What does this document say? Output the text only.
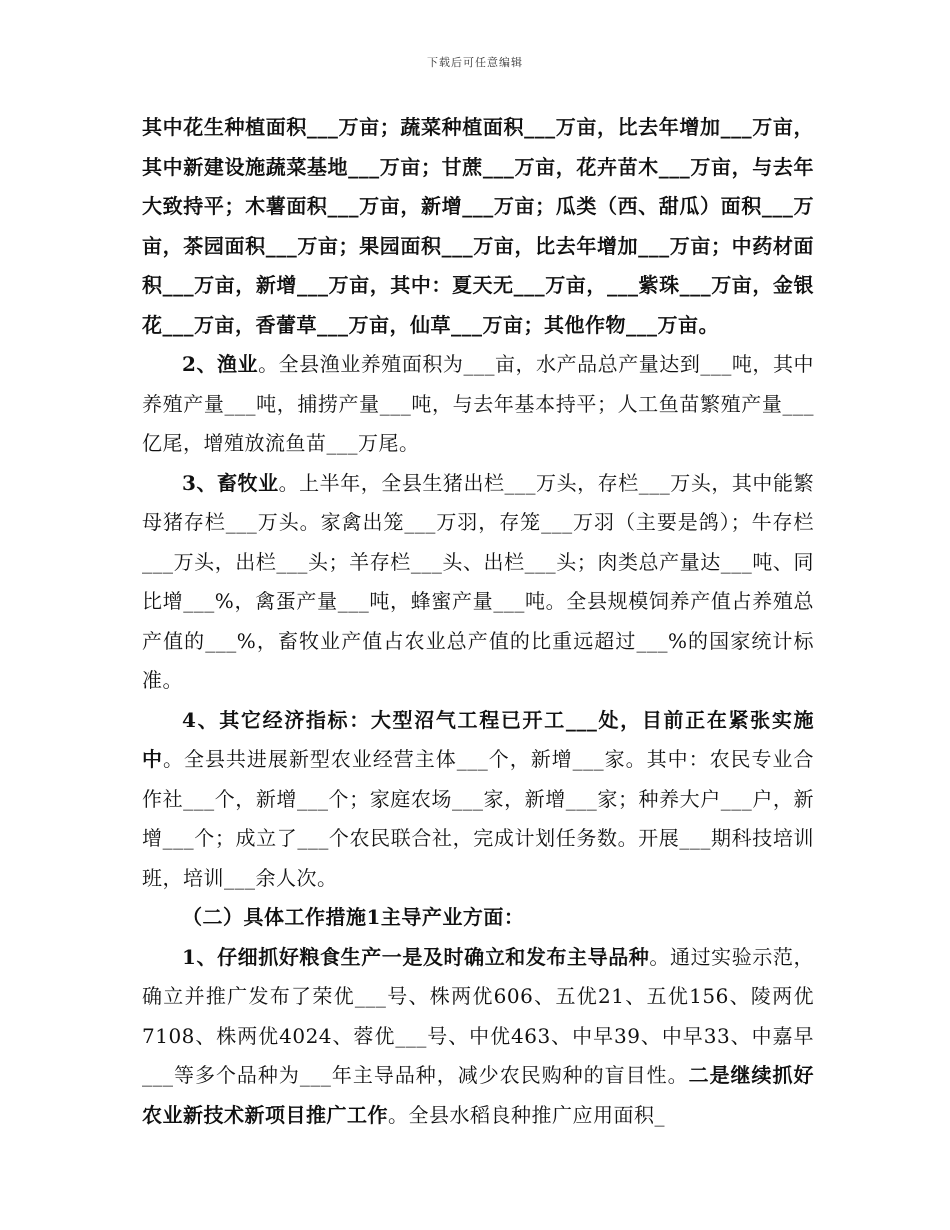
下载后可任意编辑

其中花生种植面积___万亩；蔬菜种植面积___万亩，比去年增加___万亩，其中新建设施蔬菜基地___万亩；甘蔗___万亩，花卉苗木___万亩，与去年大致持平；木薯面积___万亩，新增___万亩；瓜类（西、甜瓜）面积___万亩，茶园面积___万亩；果园面积___万亩，比去年增加___万亩；中药材面积___万亩，新增___万亩，其中：夏天无___万亩，___紫珠___万亩，金银花___万亩，香蕾草___万亩，仙草___万亩；其他作物___万亩。

2、渔业。全县渔业养殖面积为___亩，水产品总产量达到___吨，其中养殖产量___吨，捕捞产量___吨，与去年基本持平；人工鱼苗繁殖产量___亿尾，增殖放流鱼苗___万尾。

3、畜牧业。上半年，全县生猪出栏___万头，存栏___万头，其中能繁母猪存栏___万头。家禽出笼___万羽，存笼___万羽（主要是鸽）；牛存栏___万头，出栏___头；羊存栏___头、出栏___头；肉类总产量达___吨、同比增___%，禽蛋产量___吨，蜂蜜产量___吨。全县规模饲养产值占养殖总产值的___%，畜牧业产值占农业总产值的比重远超过___%的国家统计标准。

4、其它经济指标：大型沼气工程已开工___处，目前正在紧张实施中。全县共进展新型农业经营主体___个，新增___家。其中：农民专业合作社___个，新增___个；家庭农场___家，新增___家；种养大户___户，新增___个；成立了___个农民联合社，完成计划任务数。开展___期科技培训班，培训___余人次。

（二）具体工作措施1主导产业方面：

1、仔细抓好粮食生产一是及时确立和发布主导品种。通过实验示范，确立并推广发布了荣优___号、株两优606、五优21、五优156、陵两优7108、株两优4024、蓉优___号、中优463、中早39、中早33、中嘉早___等多个品种为___年主导品种，减少农民购种的盲目性。二是继续抓好农业新技术新项目推广工作。全县水稻良种推广应用面积_
